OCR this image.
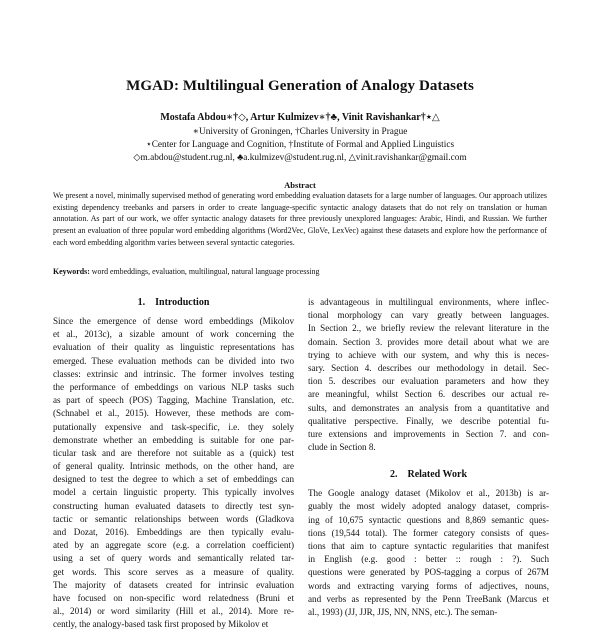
MGAD: Multilingual Generation of Analogy Datasets
Mostafa Abdou∗†◇, Artur Kulmizev∗†♣, Vinit Ravishankar†⋆△
∗University of Groningen, †Charles University in Prague
⋆Center for Language and Cognition, †Institute of Formal and Applied Linguistics
◇m.abdou@student.rug.nl, ♣a.kulmizev@student.rug.nl, △vinit.ravishankar@gmail.com
Abstract
We present a novel, minimally supervised method of generating word embedding evaluation datasets for a large number of languages. Our approach utilizes existing dependency treebanks and parsers in order to create language-specific syntactic analogy datasets that do not rely on translation or human annotation. As part of our work, we offer syntactic analogy datasets for three previously unexplored languages: Arabic, Hindi, and Russian. We further present an evaluation of three popular word embedding algorithms (Word2Vec, GloVe, LexVec) against these datasets and explore how the performance of each word embedding algorithm varies between several syntactic categories.
Keywords: word embeddings, evaluation, multilingual, natural language processing
1. Introduction
Since the emergence of dense word embeddings (Mikolov
et al., 2013c), a sizable amount of work concerning the
evaluation of their quality as linguistic representations has
emerged. These evaluation methods can be divided into two
classes: extrinsic and intrinsic. The former involves testing
the performance of embeddings on various NLP tasks such
as part of speech (POS) Tagging, Machine Translation, etc.
(Schnabel et al., 2015). However, these methods are com-
putationally expensive and task-specific, i.e. they solely
demonstrate whether an embedding is suitable for one par-
ticular task and are therefore not suitable as a (quick) test
of general quality. Intrinsic methods, on the other hand, are
designed to test the degree to which a set of embeddings can
model a certain linguistic property. This typically involves
constructing human evaluated datasets to directly test syn-
tactic or semantic relationships between words (Gladkova
and Dozat, 2016). Embeddings are then typically evalu-
ated by an aggregate score (e.g. a correlation coefficient)
using a set of query words and semantically related tar-
get words. This score serves as a measure of quality.
The majority of datasets created for intrinsic evaluation
have focused on non-specific word relatedness (Bruni et
al., 2014) or word similarity (Hill et al., 2014). More re-
cently, the analogy-based task first proposed by Mikolov et
is advantageous in multilingual environments, where inflec-
tional morphology can vary greatly between languages.
In Section 2., we briefly review the relevant literature in the
domain. Section 3. provides more detail about what we are
trying to achieve with our system, and why this is neces-
sary. Section 4. describes our methodology in detail. Sec-
tion 5. describes our evaluation parameters and how they
are meaningful, whilst Section 6. describes our actual re-
sults, and demonstrates an analysis from a quantitative and
qualitative perspective. Finally, we describe potential fu-
ture extensions and improvements in Section 7. and con-
clude in Section 8.
2. Related Work
The Google analogy dataset (Mikolov et al., 2013b) is ar-
guably the most widely adopted analogy dataset, compris-
ing of 10,675 syntactic questions and 8,869 semantic ques-
tions (19,544 total). The former category consists of ques-
tions that aim to capture syntactic regularities that manifest
in English (e.g. good : better :: rough : ?). Such
questions were generated by POS-tagging a corpus of 267M
words and extracting varying forms of adjectives, nouns,
and verbs as represented by the Penn TreeBank (Marcus et
al., 1993) (JJ, JJR, JJS, NN, NNS, etc.). The seman-
